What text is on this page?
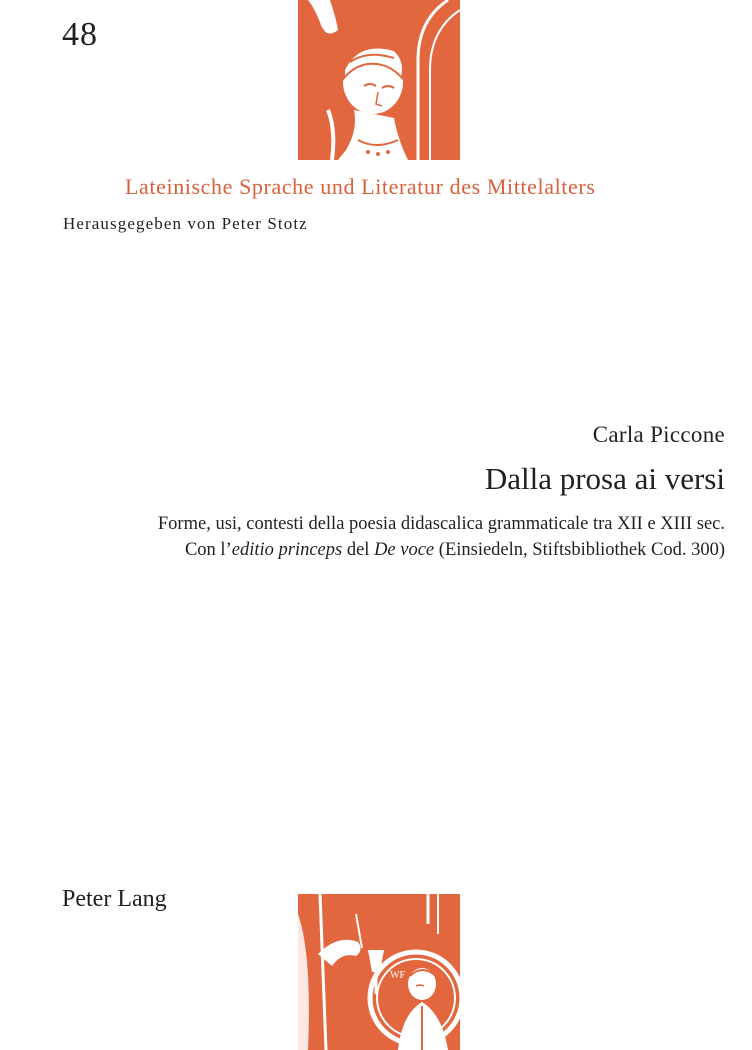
48
Lateinische Sprache und Literatur des Mittelalters
Herausgegeben von Peter Stotz
Carla Piccone
Dalla prosa ai versi
Forme, usi, contesti della poesia didascalica grammaticale tra XII e XIII sec.
Con l’editio princeps del De voce (Einsiedeln, Stiftsbibliothek Cod. 300)
Peter Lang
WF
